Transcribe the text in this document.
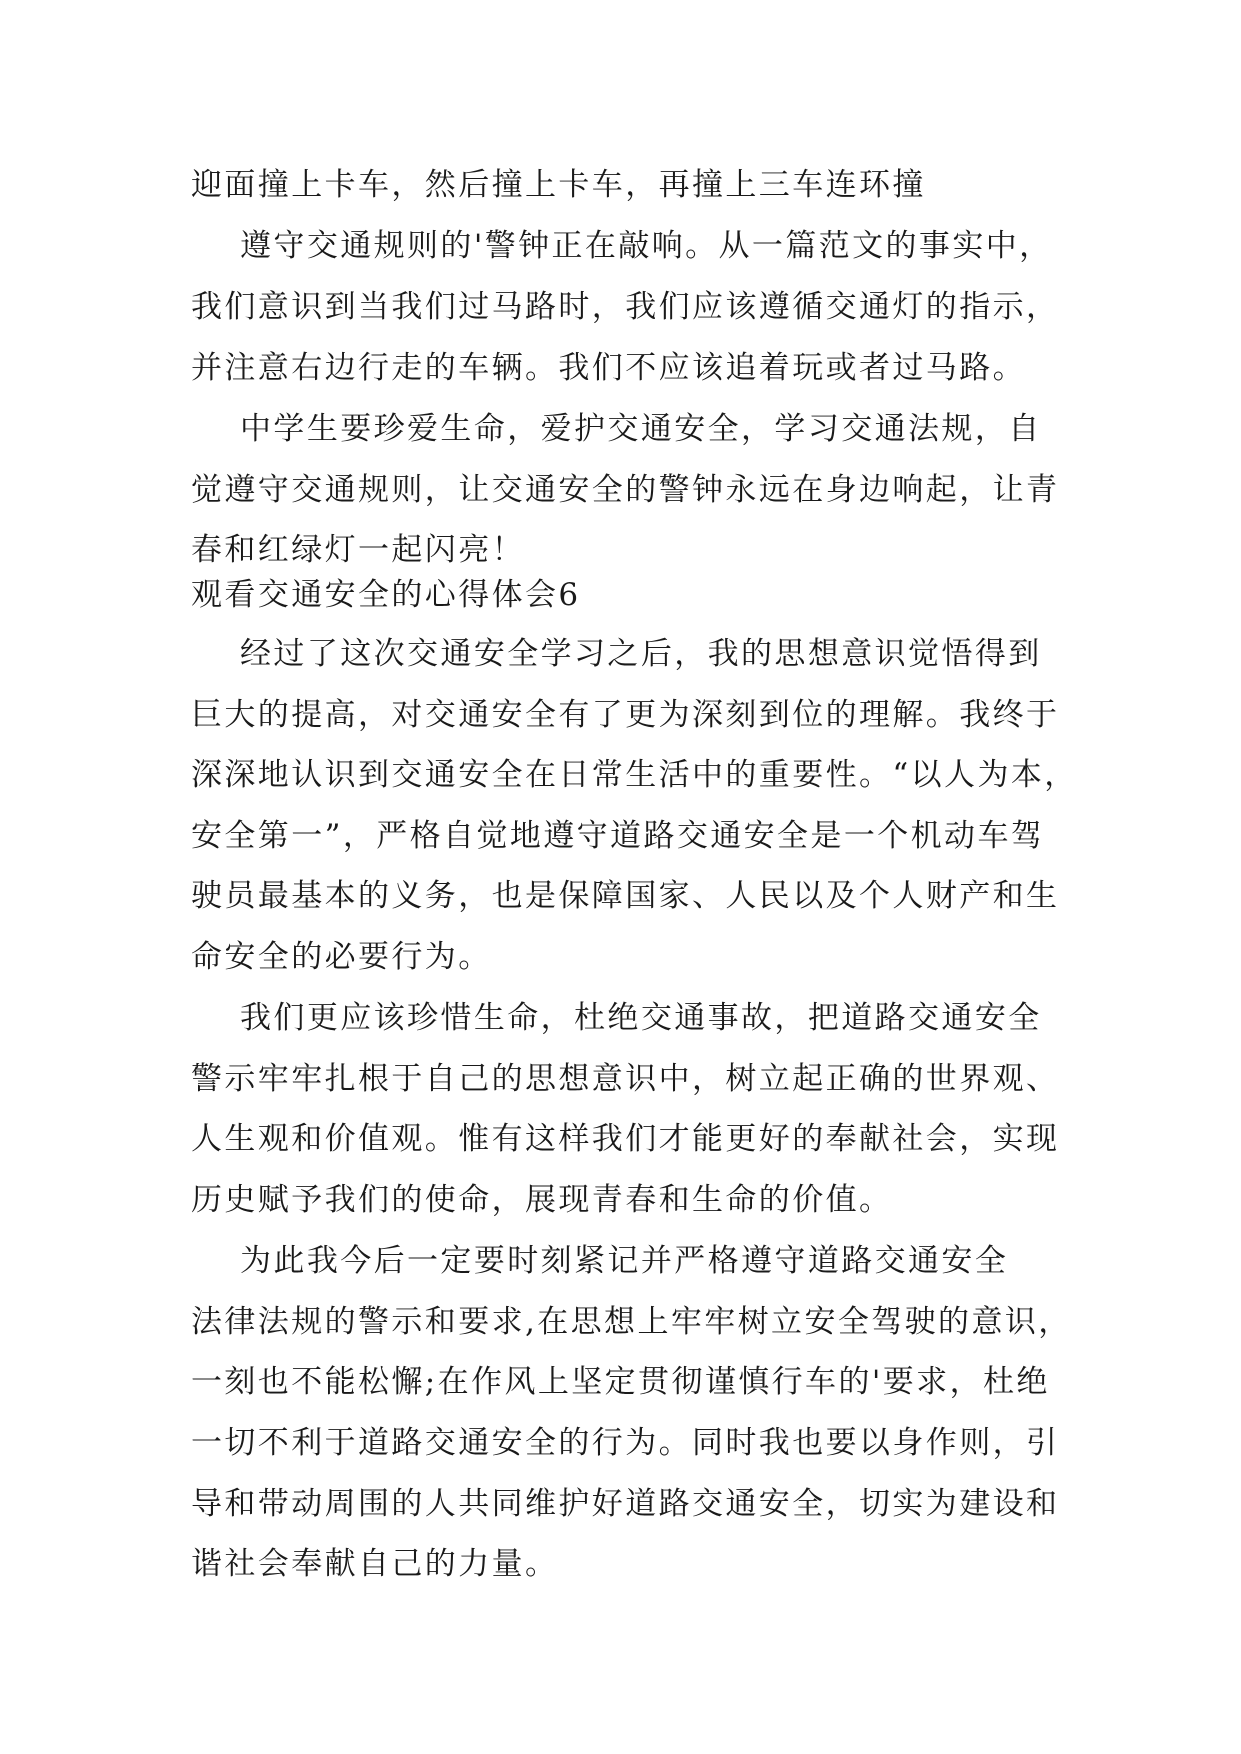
迎面撞上卡车，然后撞上卡车，再撞上三车连环撞
遵守交通规则的'警钟正在敲响。从一篇范文的事实中，
我们意识到当我们过马路时，我们应该遵循交通灯的指示，
并注意右边行走的车辆。我们不应该追着玩或者过马路。
中学生要珍爱生命，爱护交通安全，学习交通法规，自
觉遵守交通规则，让交通安全的警钟永远在身边响起，让青
春和红绿灯一起闪亮！
观看交通安全的心得体会6
经过了这次交通安全学习之后，我的思想意识觉悟得到
巨大的提高，对交通安全有了更为深刻到位的理解。我终于
深深地认识到交通安全在日常生活中的重要性。“以人为本，
安全第一”，严格自觉地遵守道路交通安全是一个机动车驾
驶员最基本的义务，也是保障国家、人民以及个人财产和生
命安全的必要行为。
我们更应该珍惜生命，杜绝交通事故，把道路交通安全
警示牢牢扎根于自己的思想意识中，树立起正确的世界观、
人生观和价值观。惟有这样我们才能更好的奉献社会，实现
历史赋予我们的使命，展现青春和生命的价值。
为此我今后一定要时刻紧记并严格遵守道路交通安全
法律法规的警示和要求,在思想上牢牢树立安全驾驶的意识，
一刻也不能松懈;在作风上坚定贯彻谨慎行车的'要求，杜绝
一切不利于道路交通安全的行为。同时我也要以身作则，引
导和带动周围的人共同维护好道路交通安全，切实为建设和
谐社会奉献自己的力量。
